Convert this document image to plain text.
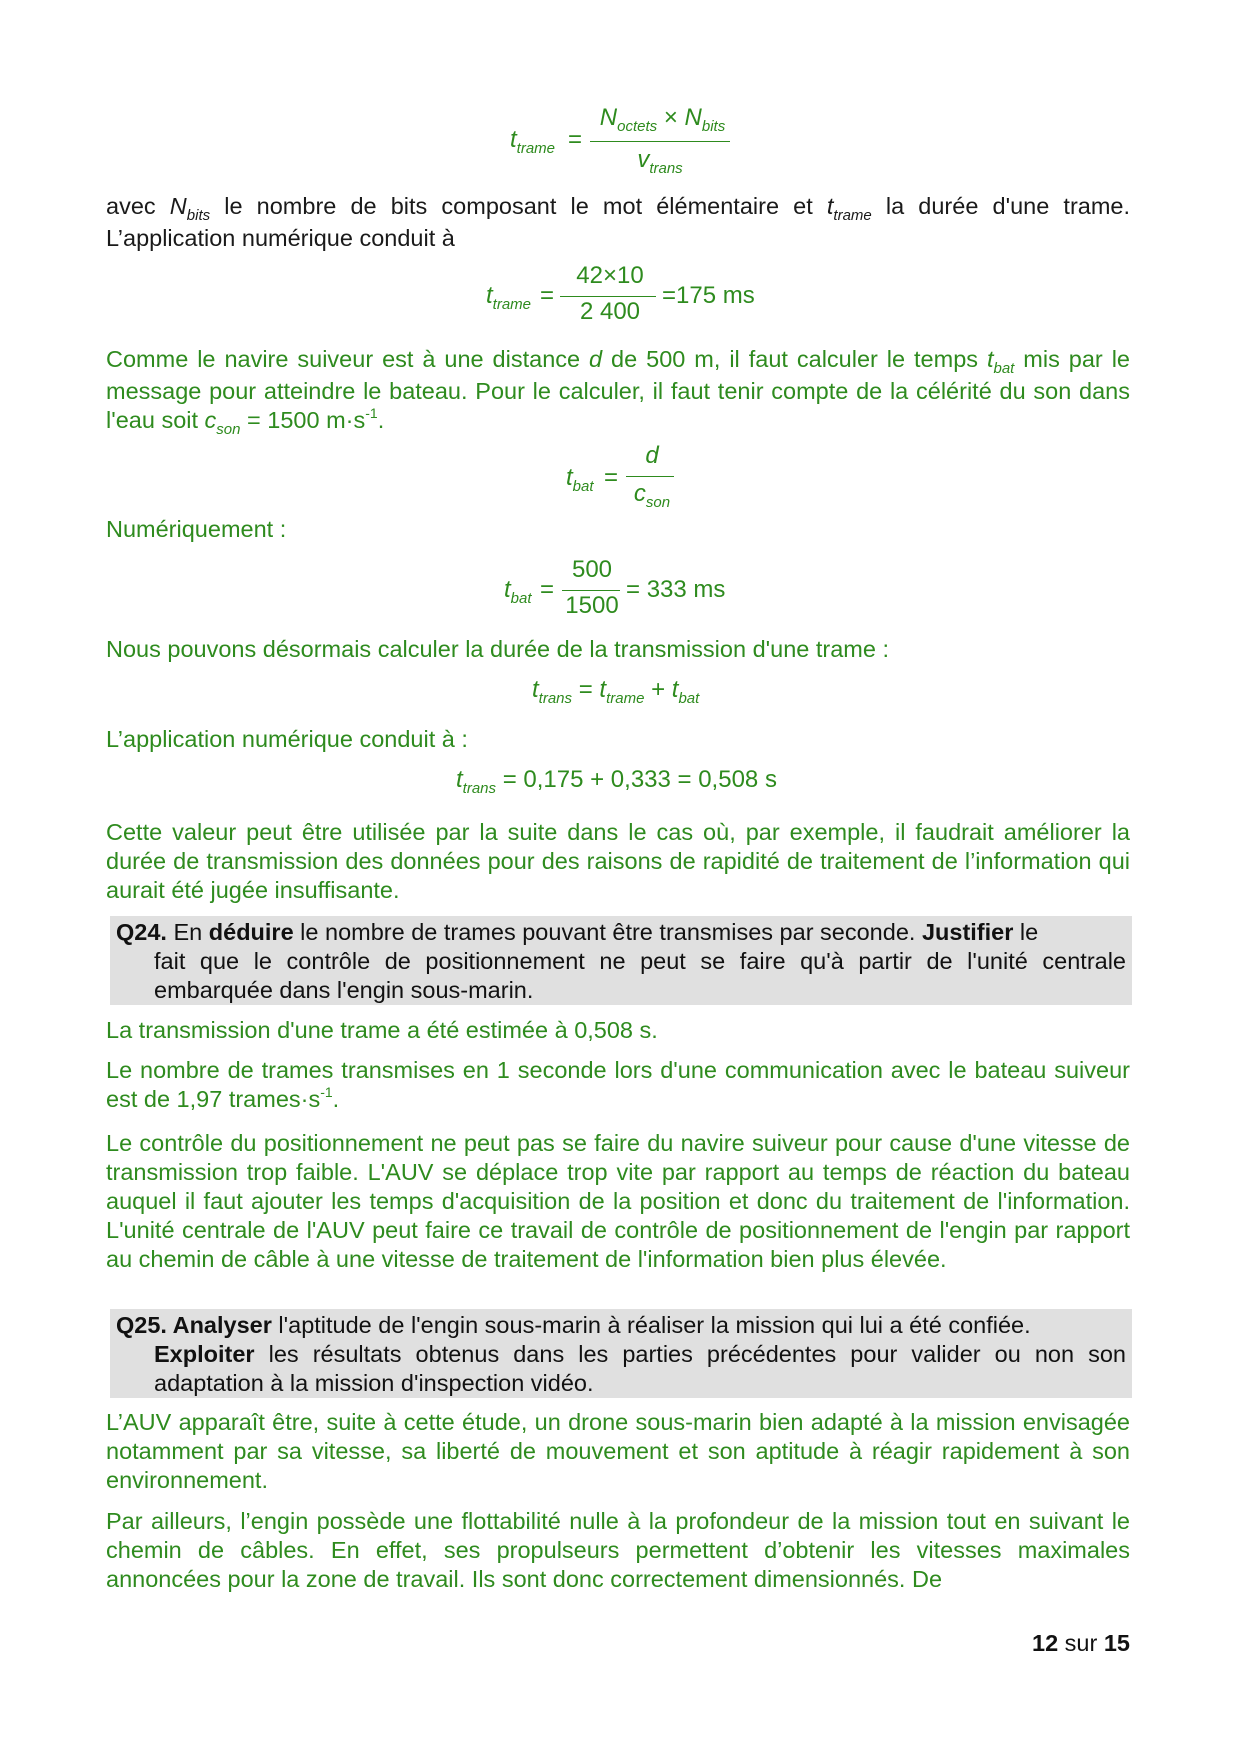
$t_{trame}$ =
$N_{octets} \times N_{bits}$
$v_{trans}$
avec $N_{bits}$ le nombre de bits composant le mot élémentaire et $t_{trame}$ la durée d'une trame. L’application numérique conduit à
$t_{trame}$ =
42×10
2 400
=175 ms
Comme le navire suiveur est à une distance d de 500 m, il faut calculer le temps $t_{bat}$ mis par le message pour atteindre le bateau. Pour le calculer, il faut tenir compte de la célérité du son dans l'eau soit $c_{son} = 1500$ $m\cdot s^{-1}$.
$t_{bat}$ =
d
$c_{son}$
Numériquement :
$t_{bat}$ =
500
1500
= 333 ms
Nous pouvons désormais calculer la durée de la transmission d'une trame :
$t_{trans} = t_{trame} + t_{bat}$
L’application numérique conduit à :
$t_{trans} = 0,175 + 0,333 = 0,508$ s
Cette valeur peut être utilisée par la suite dans le cas où, par exemple, il faudrait améliorer la durée de transmission des données pour des raisons de rapidité de traitement de l’information qui aurait été jugée insuffisante.
Q24. En déduire le nombre de trames pouvant être transmises par seconde. Justifier le
fait que le contrôle de positionnement ne peut se faire qu'à partir de l'unité centrale embarquée dans l'engin sous-marin.
La transmission d'une trame a été estimée à 0,508 s.
Le nombre de trames transmises en 1 seconde lors d'une communication avec le bateau suiveur est de 1,97 $trames\cdot s^{-1}$.
Le contrôle du positionnement ne peut pas se faire du navire suiveur pour cause d'une vitesse de transmission trop faible. L'AUV se déplace trop vite par rapport au temps de réaction du bateau auquel il faut ajouter les temps d'acquisition de la position et donc du traitement de l'information. L'unité centrale de l'AUV peut faire ce travail de contrôle de positionnement de l'engin par rapport au chemin de câble à une vitesse de traitement de l'information bien plus élevée.
Q25. Analyser l'aptitude de l'engin sous-marin à réaliser la mission qui lui a été confiée.
Exploiter les résultats obtenus dans les parties précédentes pour valider ou non son adaptation à la mission d'inspection vidéo.
L’AUV apparaît être, suite à cette étude, un drone sous-marin bien adapté à la mission envisagée notamment par sa vitesse, sa liberté de mouvement et son aptitude à réagir rapidement à son environnement.
Par ailleurs, l’engin possède une flottabilité nulle à la profondeur de la mission tout en suivant le chemin de câbles. En effet, ses propulseurs permettent d’obtenir les vitesses maximales annoncées pour la zone de travail. Ils sont donc correctement dimensionnés. De
12 sur 15
